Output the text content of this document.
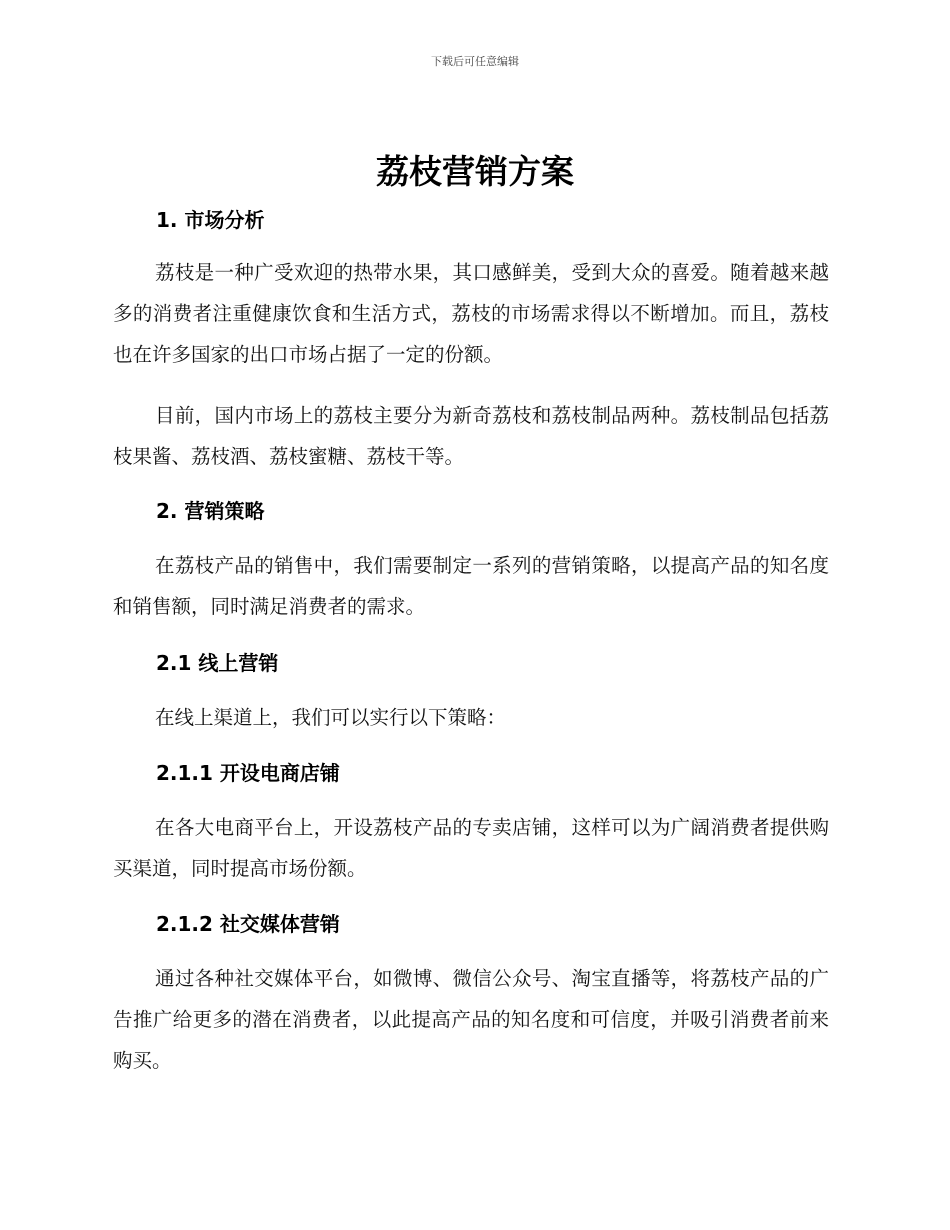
下载后可任意编辑
荔枝营销方案
1. 市场分析
荔枝是一种广受欢迎的热带水果，其口感鲜美，受到大众的喜爱。随着越来越多的消费者注重健康饮食和生活方式，荔枝的市场需求得以不断增加。而且，荔枝也在许多国家的出口市场占据了一定的份额。
目前，国内市场上的荔枝主要分为新奇荔枝和荔枝制品两种。荔枝制品包括荔枝果酱、荔枝酒、荔枝蜜糖、荔枝干等。
2. 营销策略
在荔枝产品的销售中，我们需要制定一系列的营销策略，以提高产品的知名度和销售额，同时满足消费者的需求。
2.1 线上营销
在线上渠道上，我们可以实行以下策略：
2.1.1 开设电商店铺
在各大电商平台上，开设荔枝产品的专卖店铺，这样可以为广阔消费者提供购买渠道，同时提高市场份额。
2.1.2 社交媒体营销
通过各种社交媒体平台，如微博、微信公众号、淘宝直播等，将荔枝产品的广告推广给更多的潜在消费者，以此提高产品的知名度和可信度，并吸引消费者前来购买。
